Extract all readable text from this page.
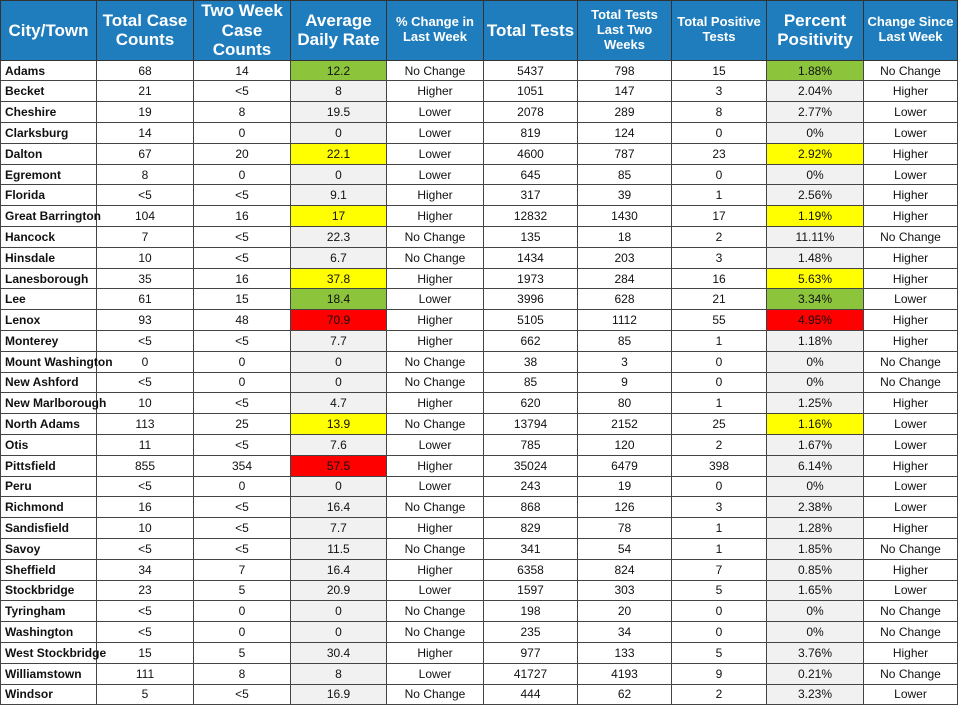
City/Town	Total Case Counts	Two Week Case Counts	Average Daily Rate	% Change in Last Week	Total Tests	Total Tests Last Two Weeks	Total Positive Tests	Percent Positivity	Change Since Last Week
Adams	68	14	12.2	No Change	5437	798	15	1.88%	No Change
Becket	21	<5	8	Higher	1051	147	3	2.04%	Higher
Cheshire	19	8	19.5	Lower	2078	289	8	2.77%	Lower
Clarksburg	14	0	0	Lower	819	124	0	0%	Lower
Dalton	67	20	22.1	Lower	4600	787	23	2.92%	Higher
Egremont	8	0	0	Lower	645	85	0	0%	Lower
Florida	<5	<5	9.1	Higher	317	39	1	2.56%	Higher
Great Barrington	104	16	17	Higher	12832	1430	17	1.19%	Higher
Hancock	7	<5	22.3	No Change	135	18	2	11.11%	No Change
Hinsdale	10	<5	6.7	No Change	1434	203	3	1.48%	Higher
Lanesborough	35	16	37.8	Higher	1973	284	16	5.63%	Higher
Lee	61	15	18.4	Lower	3996	628	21	3.34%	Lower
Lenox	93	48	70.9	Higher	5105	1112	55	4.95%	Higher
Monterey	<5	<5	7.7	Higher	662	85	1	1.18%	Higher
Mount Washington	0	0	0	No Change	38	3	0	0%	No Change
New Ashford	<5	0	0	No Change	85	9	0	0%	No Change
New Marlborough	10	<5	4.7	Higher	620	80	1	1.25%	Higher
North Adams	113	25	13.9	No Change	13794	2152	25	1.16%	Lower
Otis	11	<5	7.6	Lower	785	120	2	1.67%	Lower
Pittsfield	855	354	57.5	Higher	35024	6479	398	6.14%	Higher
Peru	<5	0	0	Lower	243	19	0	0%	Lower
Richmond	16	<5	16.4	No Change	868	126	3	2.38%	Lower
Sandisfield	10	<5	7.7	Higher	829	78	1	1.28%	Higher
Savoy	<5	<5	11.5	No Change	341	54	1	1.85%	No Change
Sheffield	34	7	16.4	Higher	6358	824	7	0.85%	Higher
Stockbridge	23	5	20.9	Lower	1597	303	5	1.65%	Lower
Tyringham	<5	0	0	No Change	198	20	0	0%	No Change
Washington	<5	0	0	No Change	235	34	0	0%	No Change
West Stockbridge	15	5	30.4	Higher	977	133	5	3.76%	Higher
Williamstown	111	8	8	Lower	41727	4193	9	0.21%	No Change
Windsor	5	<5	16.9	No Change	444	62	2	3.23%	Lower
